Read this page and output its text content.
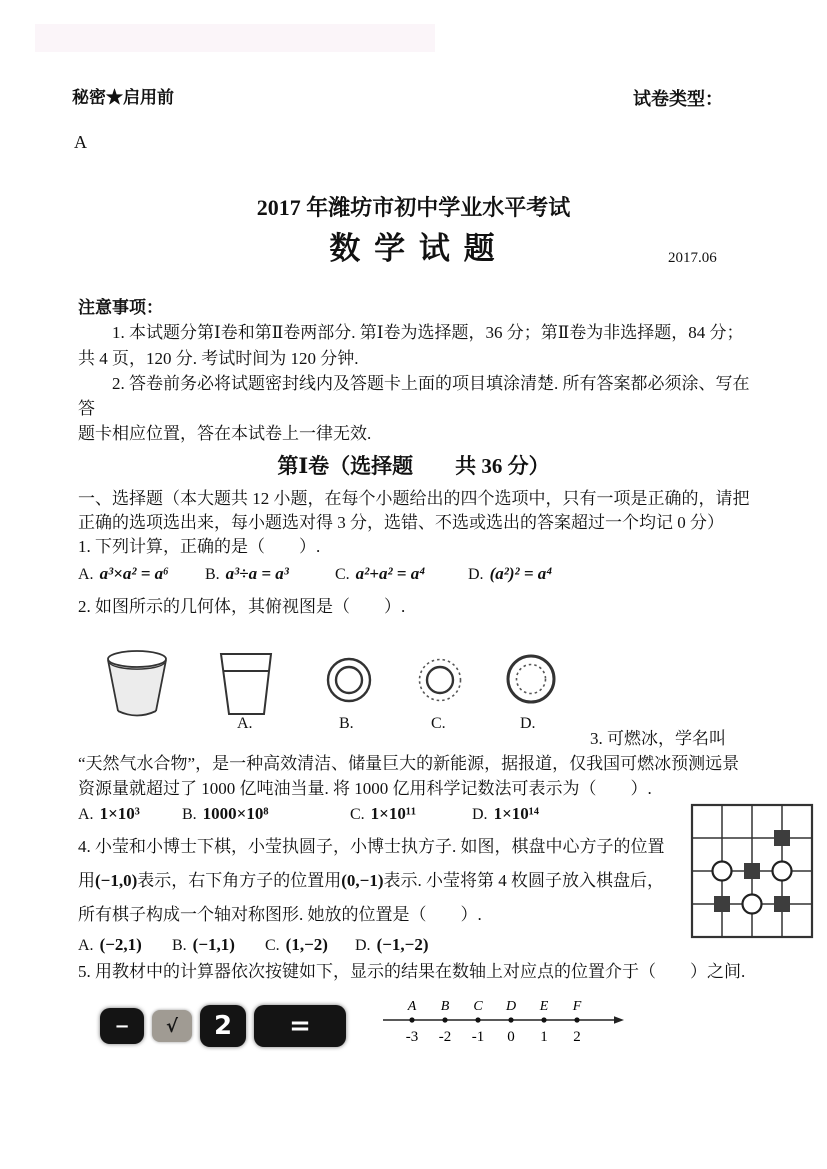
秘密★启用前	试卷类型：
A
2017 年潍坊市初中学业水平考试
数 学 试 题	2017.06
注意事项：
1. 本试题分第Ⅰ卷和第Ⅱ卷两部分. 第Ⅰ卷为选择题，36 分；第Ⅱ卷为非选择题，84 分；
共 4 页，120 分. 考试时间为 120 分钟.
2. 答卷前务必将试题密封线内及答题卡上面的项目填涂清楚. 所有答案都必须涂、写在
答
题卡相应位置，答在本试卷上一律无效.
第Ⅰ卷（选择题　　共 36 分）
一、选择题（本大题共 12 小题，在每个小题给出的四个选项中，只有一项是正确的，请把
正确的选项选出来，每小题选对得 3 分，选错、不选或选出的答案超过一个均记 0 分）
1. 下列计算，正确的是（　　）.
A. a³×a² = a⁶ B. a³÷a = a³	C. a²+a² = a⁴	D. (a²)² = a⁴
2. 如图所示的几何体，其俯视图是（　　）.
A.	B.	C.	D.
3. 可燃冰，学名叫
“天然气水合物”，是一种高效清洁、储量巨大的新能源，据报道，仅我国可燃冰预测远景
资源量就超过了 1000 亿吨油当量. 将 1000 亿用科学记数法可表示为（　　）.
A. 1×10³	B. 1000×10⁸	C. 1×10¹¹	D. 1×10¹⁴
4. 小莹和小博士下棋，小莹执圆子，小博士执方子. 如图，棋盘中心方子的位置
用(−1,0)表示，右下角方子的位置用(0,−1)表示. 小莹将第 4 枚圆子放入棋盘后，
所有棋子构成一个轴对称图形. 她放的位置是（　　）.
A. (−2,1) B. (−1,1) C. (1,−2) D. (−1,−2)
5. 用教材中的计算器依次按键如下，显示的结果在数轴上对应点的位置介于（　　）之间.
− √ 2 =
A B C D E F
-3 -2 -1 0 1 2
